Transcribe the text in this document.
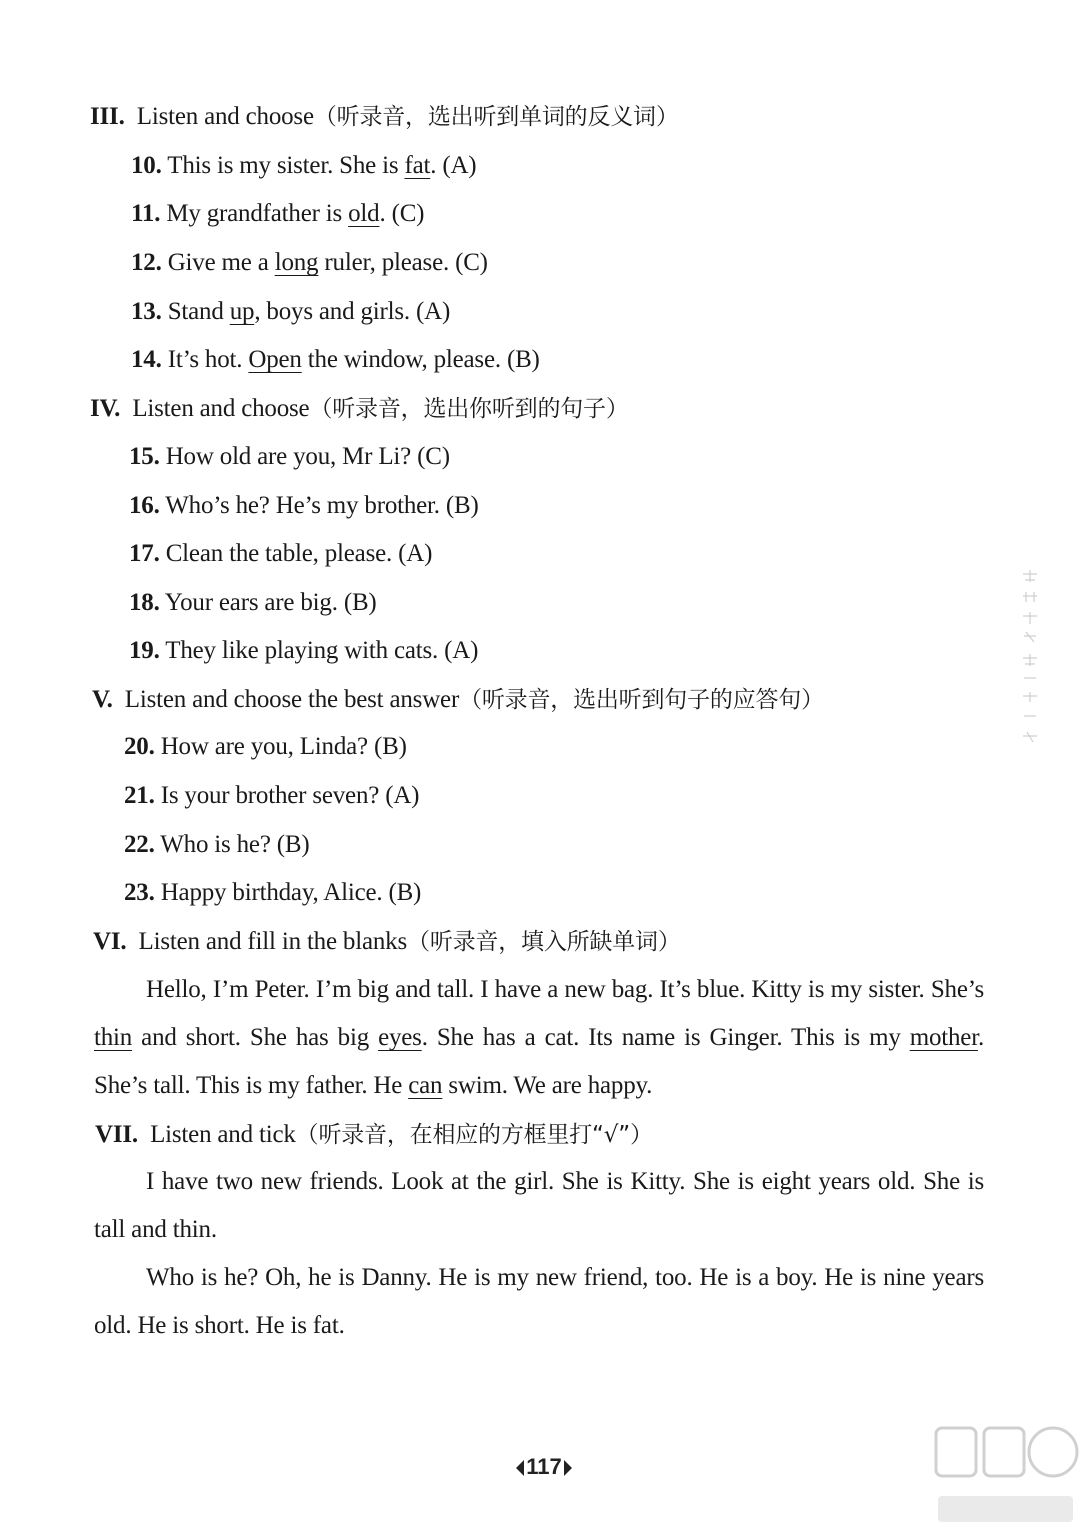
III. Listen and choose（听录音，选出听到单词的反义词）
10. This is my sister. She is fat. (A)
11. My grandfather is old. (C)
12. Give me a long ruler, please. (C)
13. Stand up, boys and girls. (A)
14. It’s hot. Open the window, please. (B)
IV. Listen and choose（听录音，选出你听到的句子）
15. How old are you, Mr Li? (C)
16. Who’s he? He’s my brother. (B)
17. Clean the table, please. (A)
18. Your ears are big. (B)
19. They like playing with cats. (A)
V. Listen and choose the best answer（听录音，选出听到句子的应答句）
20. How are you, Linda? (B)
21. Is your brother seven? (A)
22. Who is he? (B)
23. Happy birthday, Alice. (B)
VI. Listen and fill in the blanks（听录音，填入所缺单词）
Hello, I’m Peter. I’m big and tall. I have a new bag. It’s blue. Kitty is my sister. She’s thin and short. She has big eyes. She has a cat. Its name is Ginger. This is my mother. She’s tall. This is my father. He can swim. We are happy.
VII. Listen and tick（听录音，在相应的方框里打“√”）
I have two new friends. Look at the girl. She is Kitty. She is eight years old. She is tall and thin.
Who is he? Oh, he is Danny. He is my new friend, too. He is a boy. He is nine years old. He is short. He is fat.
117
